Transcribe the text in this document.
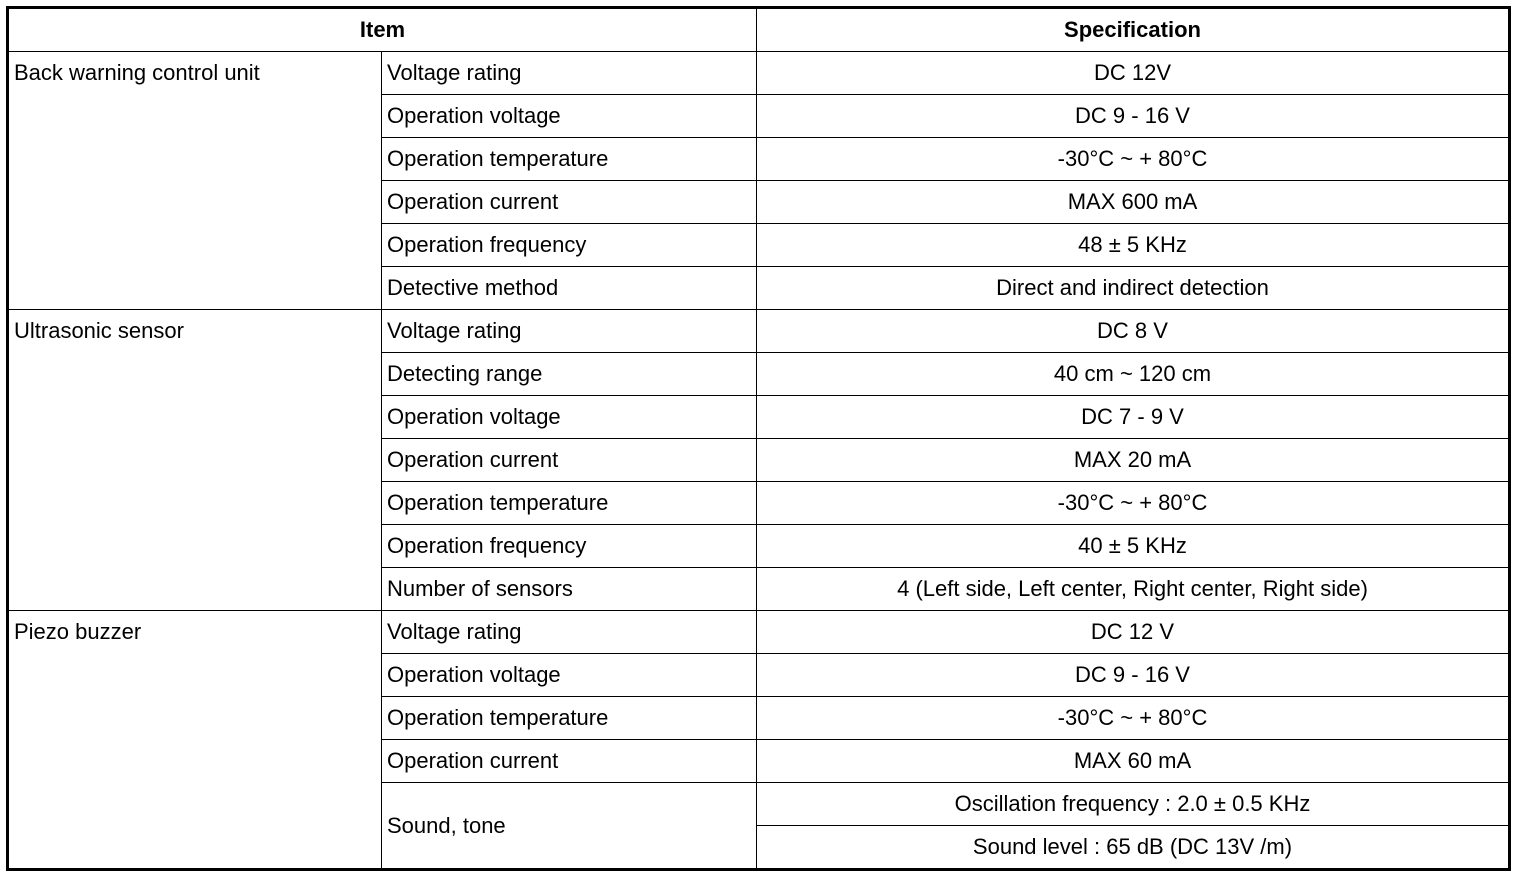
Item		Specification
Back warning control unit	Voltage rating	DC 12V
	Operation voltage	DC 9 - 16 V
	Operation temperature	-30°C ~ + 80°C
	Operation current	MAX 600 mA
	Operation frequency	48 ± 5 KHz
	Detective method	Direct and indirect detection
Ultrasonic sensor	Voltage rating	DC 8 V
	Detecting range	40 cm ~ 120 cm
	Operation voltage	DC 7 - 9 V
	Operation current	MAX 20 mA
	Operation temperature	-30°C ~ + 80°C
	Operation frequency	40 ± 5 KHz
	Number of sensors	4 (Left side, Left center, Right center, Right side)
Piezo buzzer	Voltage rating	DC 12 V
	Operation voltage	DC 9 - 16 V
	Operation temperature	-30°C ~ + 80°C
	Operation current	MAX 60 mA
	Sound, tone	Oscillation frequency : 2.0 ± 0.5 KHz
		Sound level : 65 dB (DC 13V /m)
